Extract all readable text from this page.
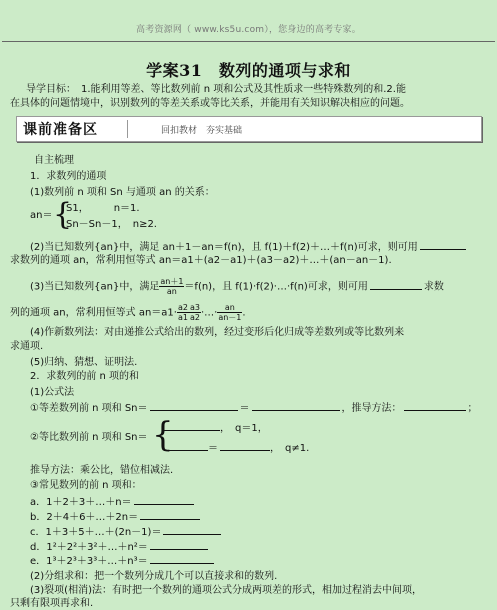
高考资源网（ www.ks5u.com），您身边的高考专家。
学案31　数列的通项与求和
导学目标：　1.能利用等差、等比数列前 n 项和公式及其性质求一些特殊数列的和.2.能
在具体的问题情境中，识别数列的等差关系或等比关系，并能用有关知识解决相应的问题。
课前准备区	回扣教材　夯实基础
自主梳理
1．求数列的通项
(1)数列前 n 项和 Sn 与通项 an 的关系：
an＝ {
S1，　　　n＝1.
Sn－Sn－1，　n≥2.
(2)当已知数列{an}中，满足 an＋1－an＝f(n)，且 f(1)＋f(2)＋…＋f(n)可求，则可用
求数列的通项 an，常利用恒等式 an＝a1＋(a2－a1)＋(a3－a2)＋…＋(an－an－1).
(3)当已知数列{an}中，满足 $\frac{an+1}{an} =f(n)$，且 f(1)·f(2)·…·f(n)可求，则可用	求数
列的通项 an，常利用恒等式 $an=a1\cdot \frac{a2}{a1} \frac{a3}{a2}$ ·…· $\frac{an}{an-1}$ .
(4)作新数列法：对由递推公式给出的数列，经过变形后化归成等差数列或等比数列来
求通项.
(5)归纳、猜想、证明法.
2．求数列的前 n 项的和
(1)公式法
①等差数列前 n 项和 Sn＝	＝	，推导方法：	；
②等比数列前 n 项和 Sn＝ {	，　q＝1，
＝	，　q≠1.
推导方法：乘公比，错位相减法.
③常见数列的前 n 项和：
a．1＋2＋3＋…＋n＝
b．2＋4＋6＋…＋2n＝
c．1＋3＋5＋…＋(2n－1)＝
d．1²＋2²＋3²＋…＋n²＝
e．1³＋2³＋3³＋…＋n³＝
(2)分组求和：把一个数列分成几个可以直接求和的数列.
(3)裂项(相消)法：有时把一个数列的通项公式分成两项差的形式，相加过程消去中间项，
只剩有限项再求和.
